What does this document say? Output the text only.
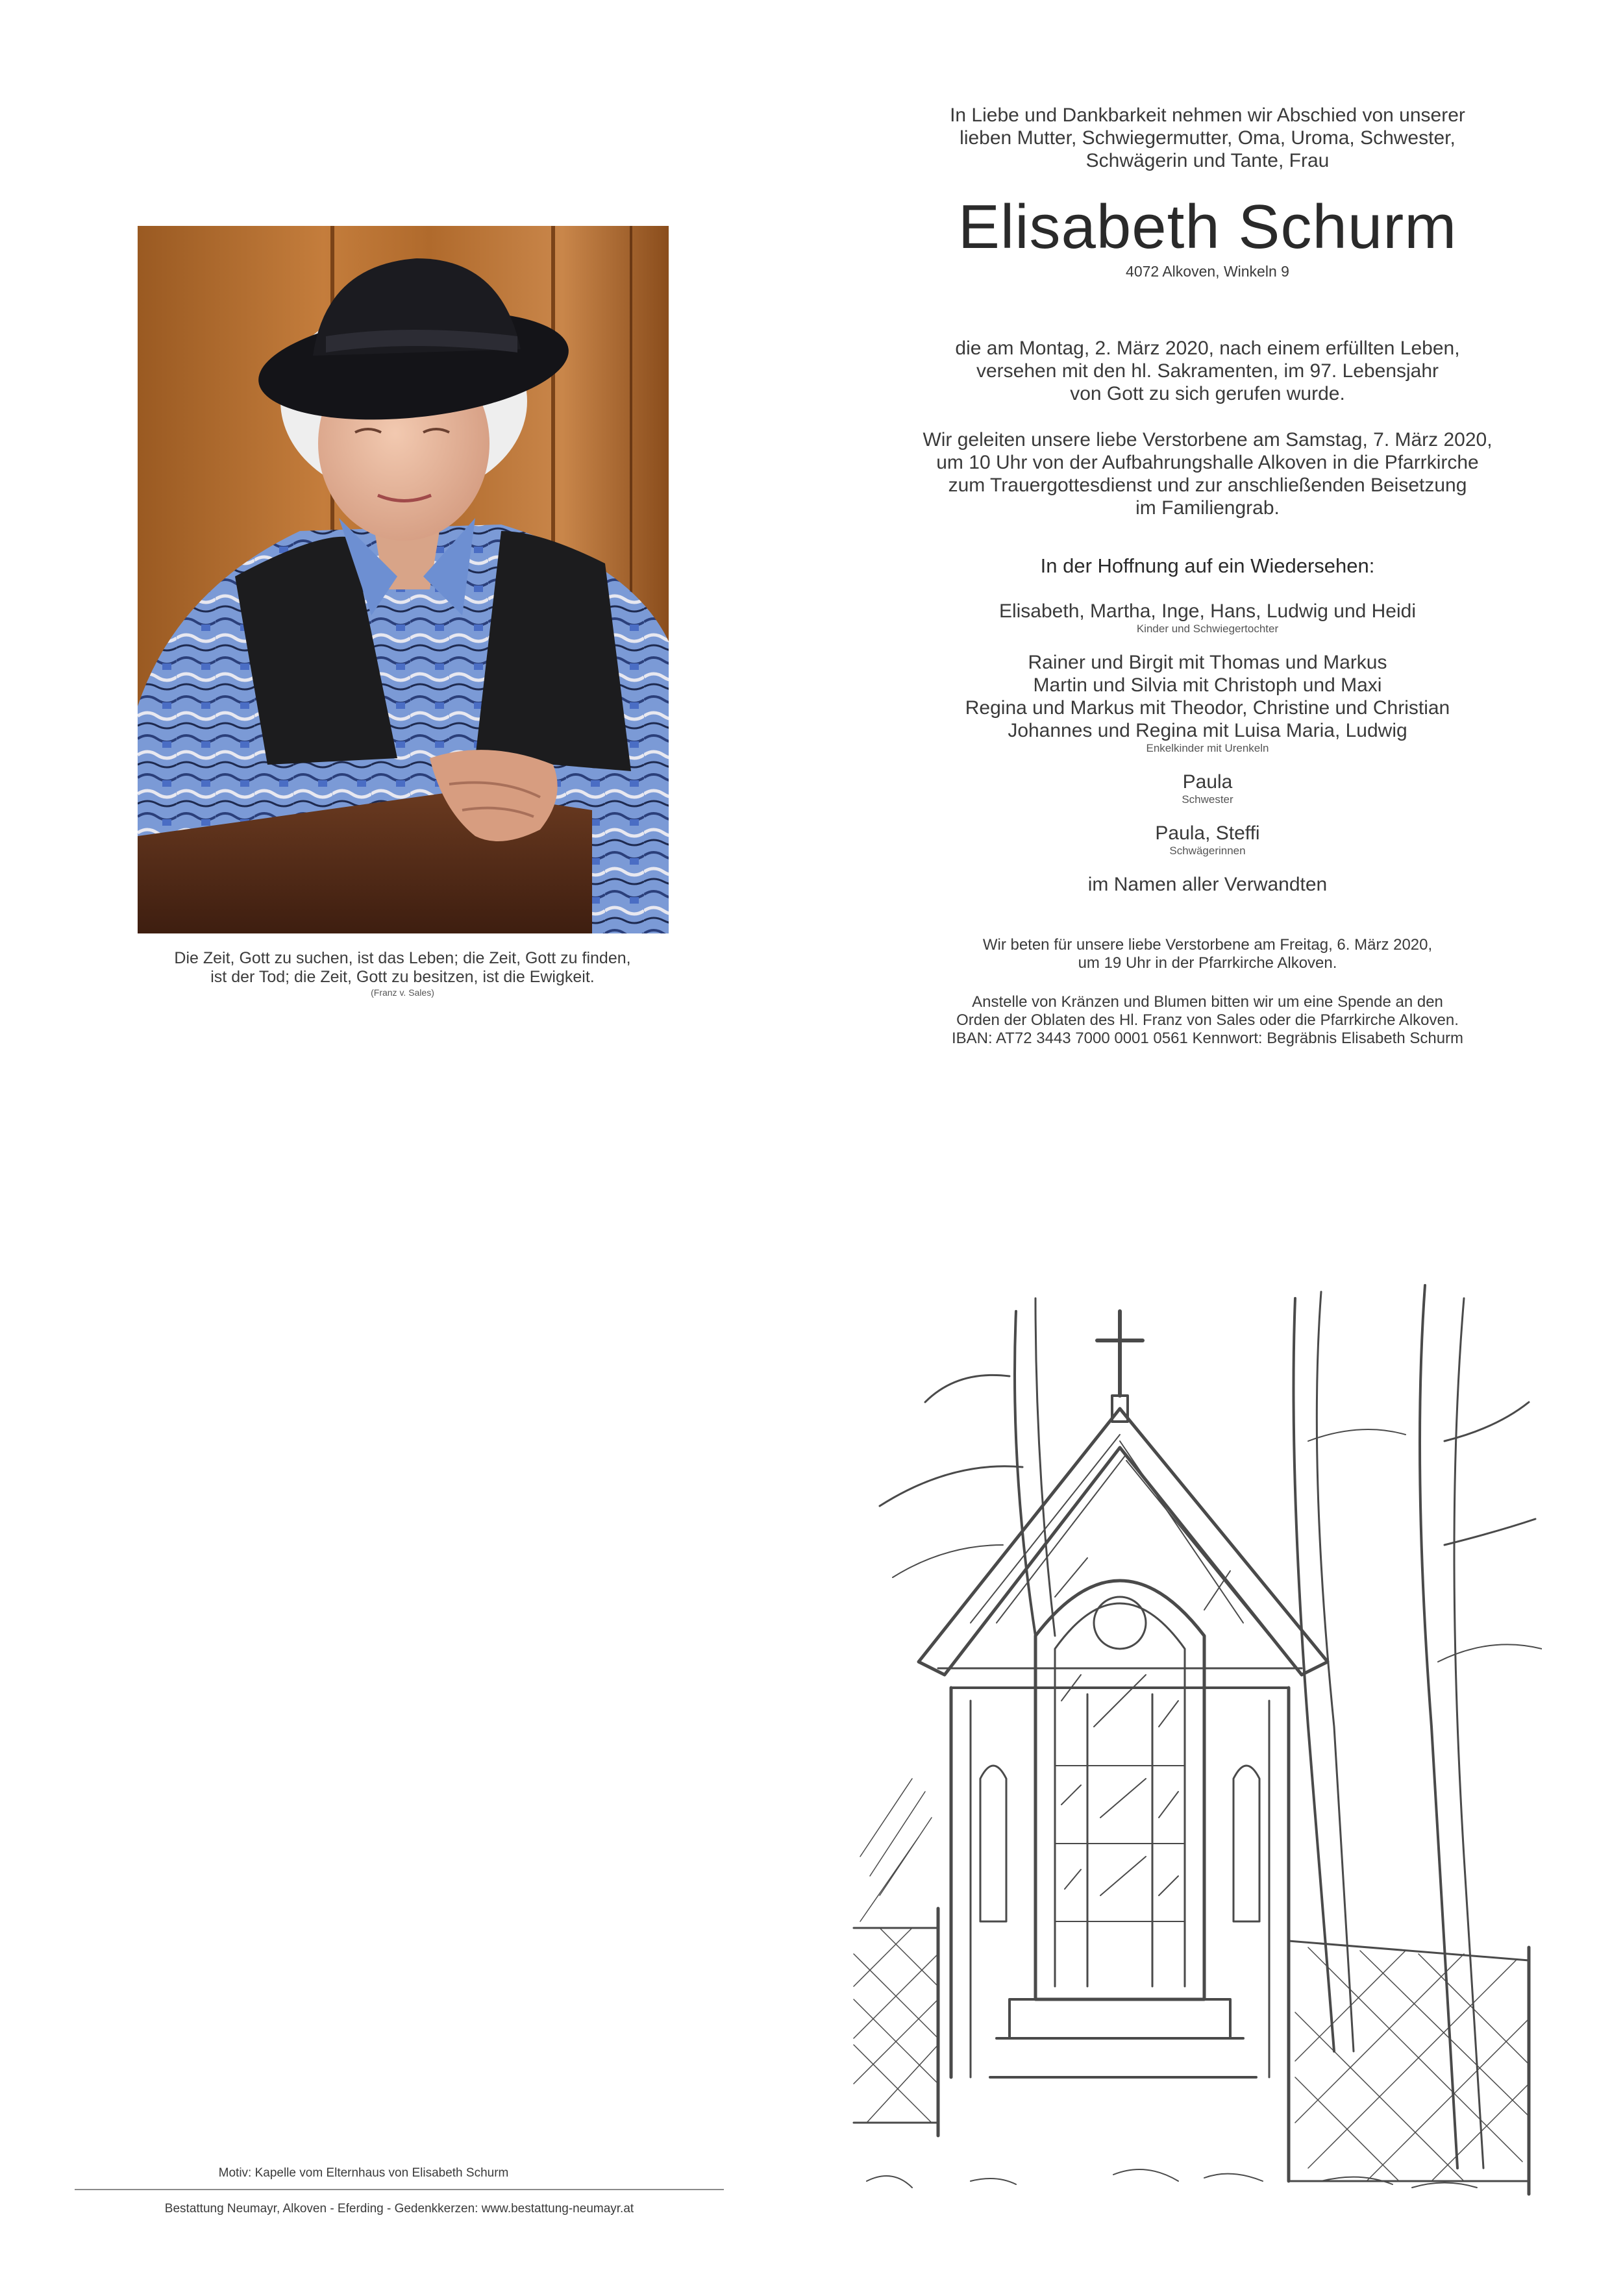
Die Zeit, Gott zu suchen, ist das Leben; die Zeit, Gott zu finden,
ist der Tod; die Zeit, Gott zu besitzen, ist die Ewigkeit.
(Franz v. Sales)
In Liebe und Dankbarkeit nehmen wir Abschied von unserer
lieben Mutter, Schwiegermutter, Oma, Uroma, Schwester,
Schwägerin und Tante, Frau
Elisabeth Schurm
4072 Alkoven, Winkeln 9
die am Montag, 2. März 2020, nach einem erfüllten Leben,
versehen mit den hl. Sakramenten, im 97. Lebensjahr
von Gott zu sich gerufen wurde.
Wir geleiten unsere liebe Verstorbene am Samstag, 7. März 2020,
um 10 Uhr von der Aufbahrungshalle Alkoven in die Pfarrkirche
zum Trauergottesdienst und zur anschließenden Beisetzung
im Familiengrab.
In der Hoffnung auf ein Wiedersehen:
Elisabeth, Martha, Inge, Hans, Ludwig und Heidi
Kinder und Schwiegertochter
Rainer und Birgit mit Thomas und Markus
Martin und Silvia mit Christoph und Maxi
Regina und Markus mit Theodor, Christine und Christian
Johannes und Regina mit Luisa Maria, Ludwig
Enkelkinder mit Urenkeln
Paula
Schwester
Paula, Steffi
Schwägerinnen
im Namen aller Verwandten
Wir beten für unsere liebe Verstorbene am Freitag, 6. März 2020,
um 19 Uhr in der Pfarrkirche Alkoven.
Anstelle von Kränzen und Blumen bitten wir um eine Spende an den
Orden der Oblaten des Hl. Franz von Sales oder die Pfarrkirche Alkoven.
IBAN: AT72 3443 7000 0001 0561 Kennwort: Begräbnis Elisabeth Schurm
Motiv: Kapelle vom Elternhaus von Elisabeth Schurm
Bestattung Neumayr, Alkoven - Eferding - Gedenkkerzen: www.bestattung-neumayr.at
